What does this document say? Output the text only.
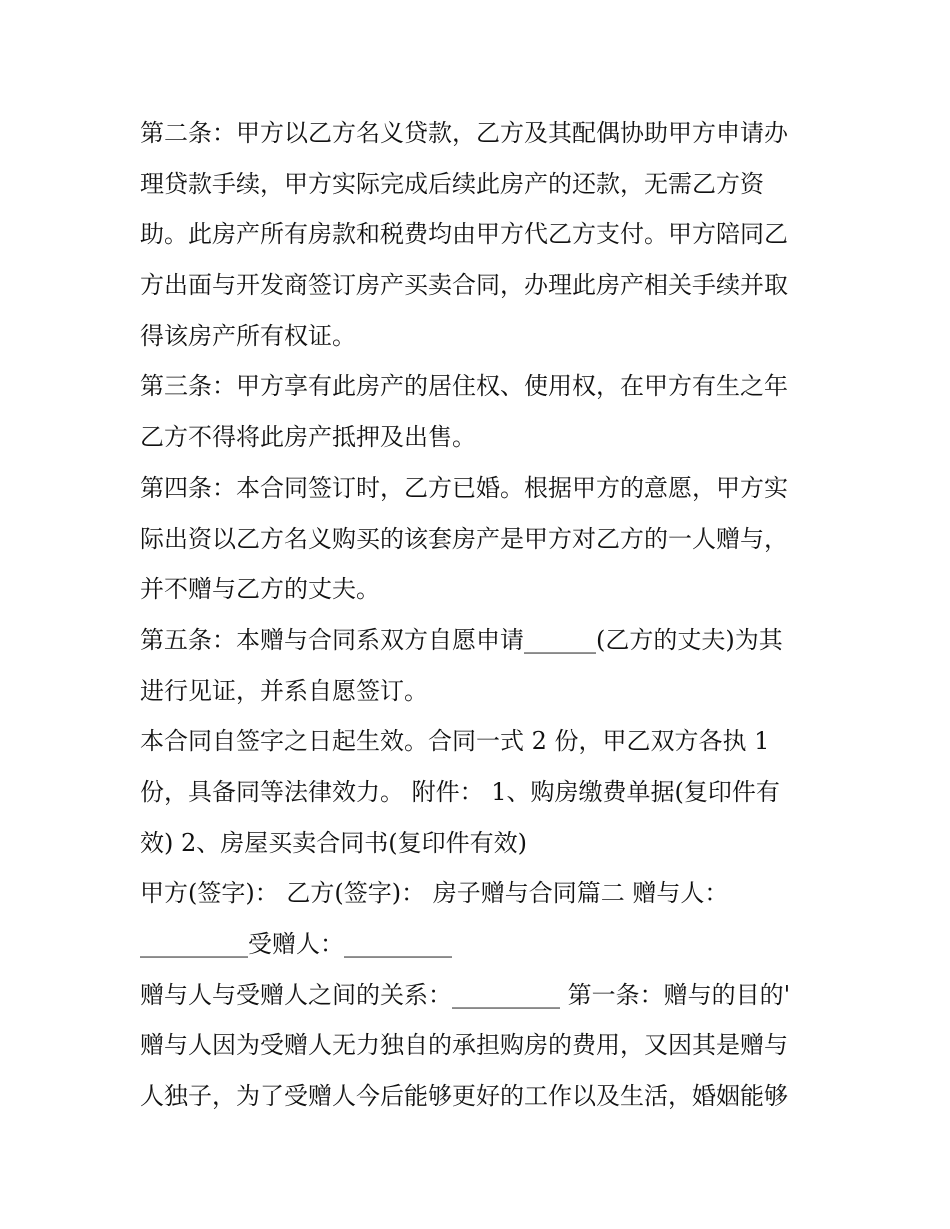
第二条：甲方以乙方名义贷款，乙方及其配偶协助甲方申请办
理贷款手续，甲方实际完成后续此房产的还款，无需乙方资
助。此房产所有房款和税费均由甲方代乙方支付。甲方陪同乙
方出面与开发商签订房产买卖合同，办理此房产相关手续并取
得该房产所有权证。
第三条：甲方享有此房产的居住权、使用权，在甲方有生之年
乙方不得将此房产抵押及出售。
第四条：本合同签订时，乙方已婚。根据甲方的意愿，甲方实
际出资以乙方名义购买的该套房产是甲方对乙方的一人赠与，
并不赠与乙方的丈夫。
第五条：本赠与合同系双方自愿申请______(乙方的丈夫)为其
进行见证，并系自愿签订。
本合同自签字之日起生效。合同一式 2 份，甲乙双方各执 1
份，具备同等法律效力。 附件： 1、购房缴费单据(复印件有
效) 2、房屋买卖合同书(复印件有效)
甲方(签字)： 乙方(签字)： 房子赠与合同篇二 赠与人：
_________受赠人：_________
赠与人与受赠人之间的关系：_________ 第一条：赠与的目的'
赠与人因为受赠人无力独自的承担购房的费用，又因其是赠与
人独子，为了受赠人今后能够更好的工作以及生活，婚姻能够
